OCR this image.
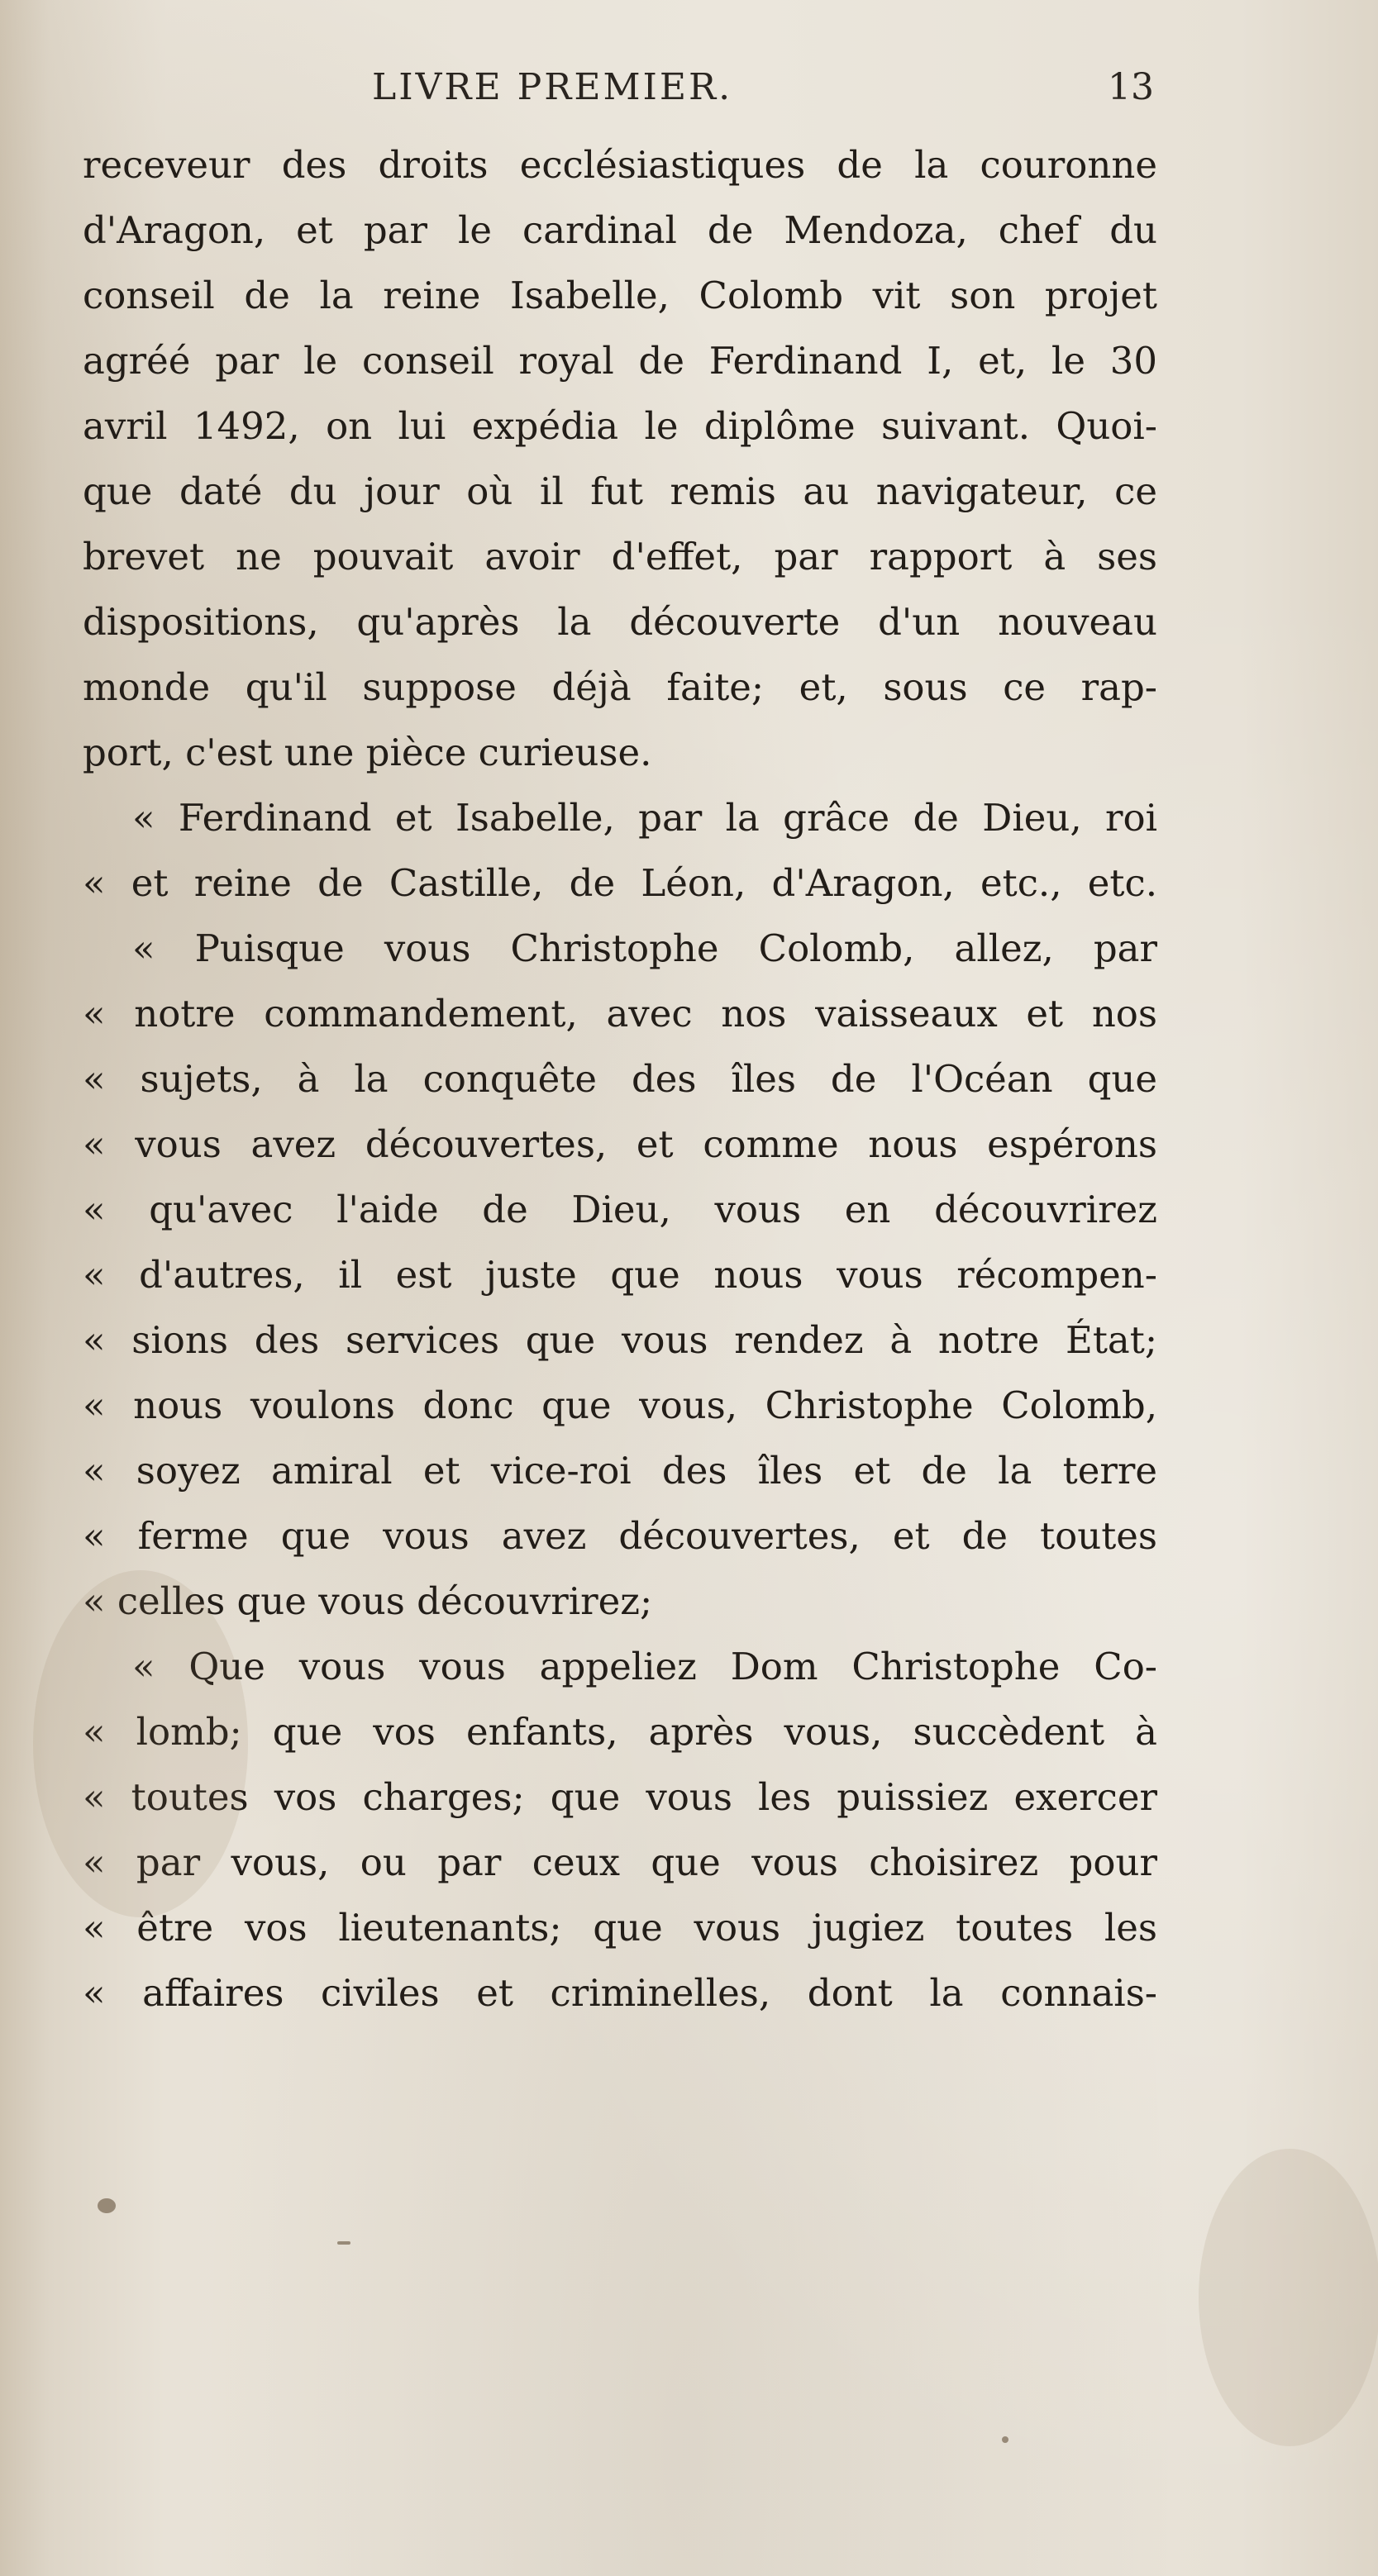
LIVRE PREMIER.	13
receveur des droits ecclésiastiques de la couronne
d'Aragon, et par le cardinal de Mendoza, chef du
conseil de la reine Isabelle, Colomb vit son projet
agréé par le conseil royal de Ferdinand I, et, le 30
avril 1492, on lui expédia le diplôme suivant. Quoi-
que daté du jour où il fut remis au navigateur, ce
brevet ne pouvait avoir d'effet, par rapport à ses
dispositions, qu'après la découverte d'un nouveau
monde qu'il suppose déjà faite; et, sous ce rap-
port, c'est une pièce curieuse.
« Ferdinand et Isabelle, par la grâce de Dieu, roi
« et reine de Castille, de Léon, d'Aragon, etc., etc.
« Puisque vous Christophe Colomb, allez, par
« notre commandement, avec nos vaisseaux et nos
« sujets, à la conquête des îles de l'Océan que
« vous avez découvertes, et comme nous espérons
« qu'avec l'aide de Dieu, vous en découvrirez
« d'autres, il est juste que nous vous récompen-
« sions des services que vous rendez à notre État;
« nous voulons donc que vous, Christophe Colomb,
« soyez amiral et vice-roi des îles et de la terre
« ferme que vous avez découvertes, et de toutes
« celles que vous découvrirez;
« Que vous vous appeliez Dom Christophe Co-
« lomb; que vos enfants, après vous, succèdent à
« toutes vos charges; que vous les puissiez exercer
« par vous, ou par ceux que vous choisirez pour
« être vos lieutenants; que vous jugiez toutes les
« affaires civiles et criminelles, dont la connais-
